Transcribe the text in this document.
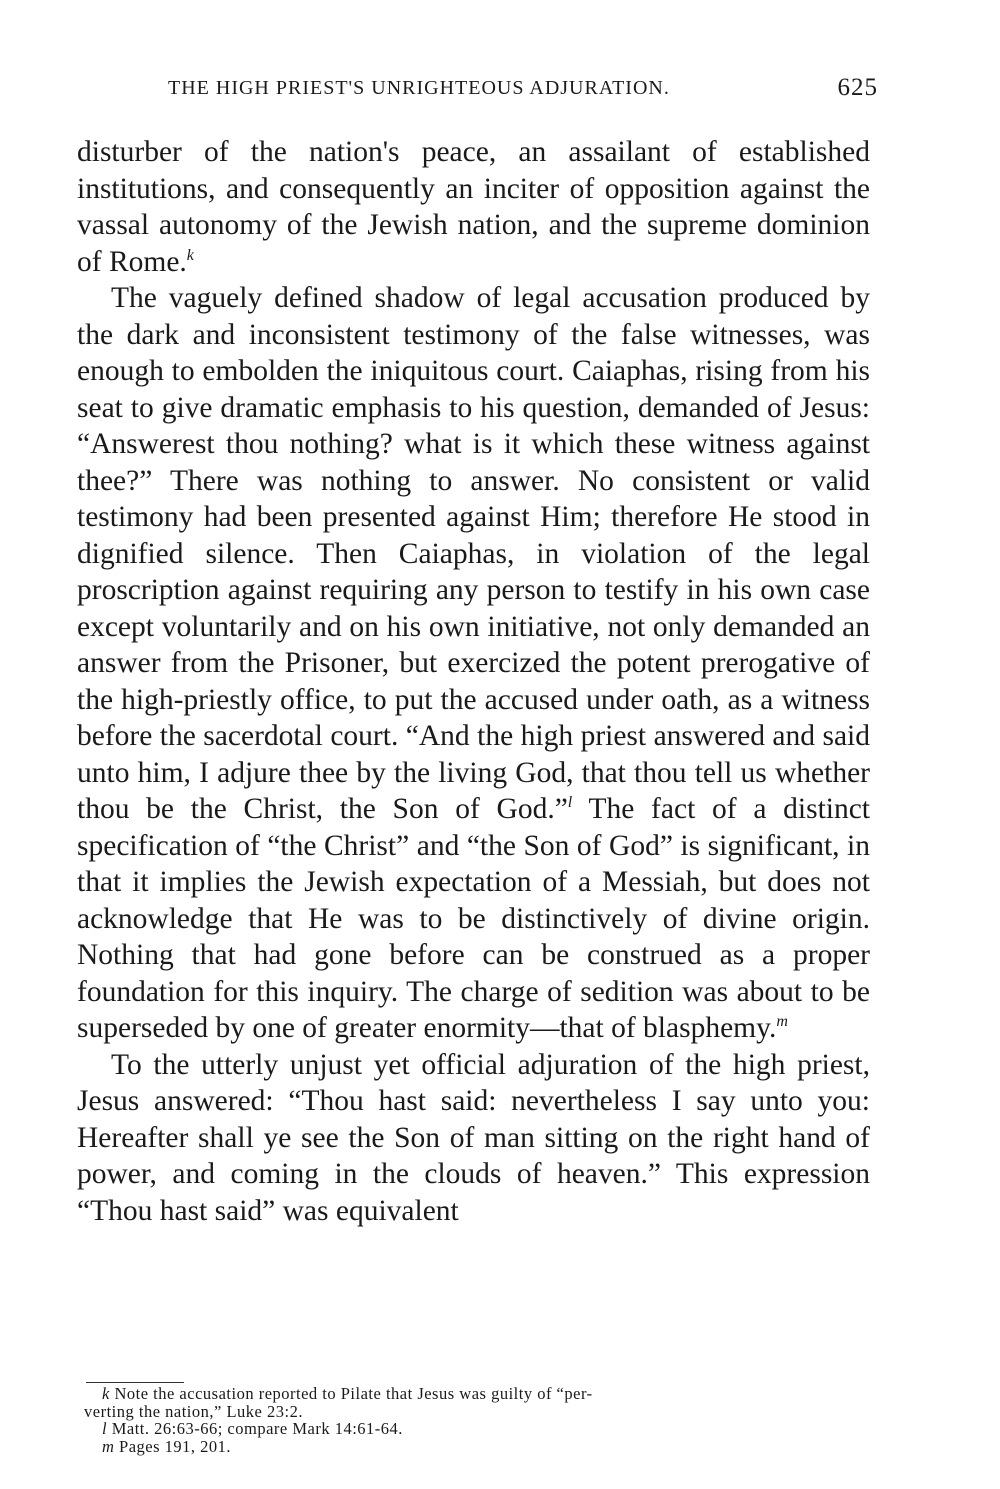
THE HIGH PRIEST'S UNRIGHTEOUS ADJURATION.	625

disturber of the nation's peace, an assailant of established institutions, and consequently an inciter of opposition against the vassal autonomy of the Jewish nation, and the supreme dominion of Rome.$^k$

The vaguely defined shadow of legal accusation produced by the dark and inconsistent testimony of the false witnesses, was enough to embolden the iniquitous court. Caiaphas, rising from his seat to give dramatic emphasis to his question, demanded of Jesus: “Answerest thou nothing? what is it which these witness against thee?” There was nothing to answer. No consistent or valid testimony had been presented against Him; therefore He stood in dignified silence. Then Caiaphas, in violation of the legal proscription against requiring any person to testify in his own case except voluntarily and on his own initiative, not only demanded an answer from the Prisoner, but exercized the potent prerogative of the high-priestly office, to put the accused under oath, as a witness before the sacerdotal court. “And the high priest answered and said unto him, I adjure thee by the living God, that thou tell us whether thou be the Christ, the Son of God.”$^l$ The fact of a distinct specification of “the Christ” and “the Son of God” is significant, in that it implies the Jewish expectation of a Messiah, but does not acknowledge that He was to be distinctively of divine origin. Nothing that had gone before can be construed as a proper foundation for this inquiry. The charge of sedition was about to be superseded by one of greater enormity—that of blasphemy.$^m$

To the utterly unjust yet official adjuration of the high priest, Jesus answered: “Thou hast said: nevertheless I say unto you: Hereafter shall ye see the Son of man sitting on the right hand of power, and coming in the clouds of heaven.” This expression “Thou hast said” was equivalent

k Note the accusation reported to Pilate that Jesus was guilty of “per-
verting the nation,” Luke 23:2.
l Matt. 26:63-66; compare Mark 14:61-64.
m Pages 191, 201.
